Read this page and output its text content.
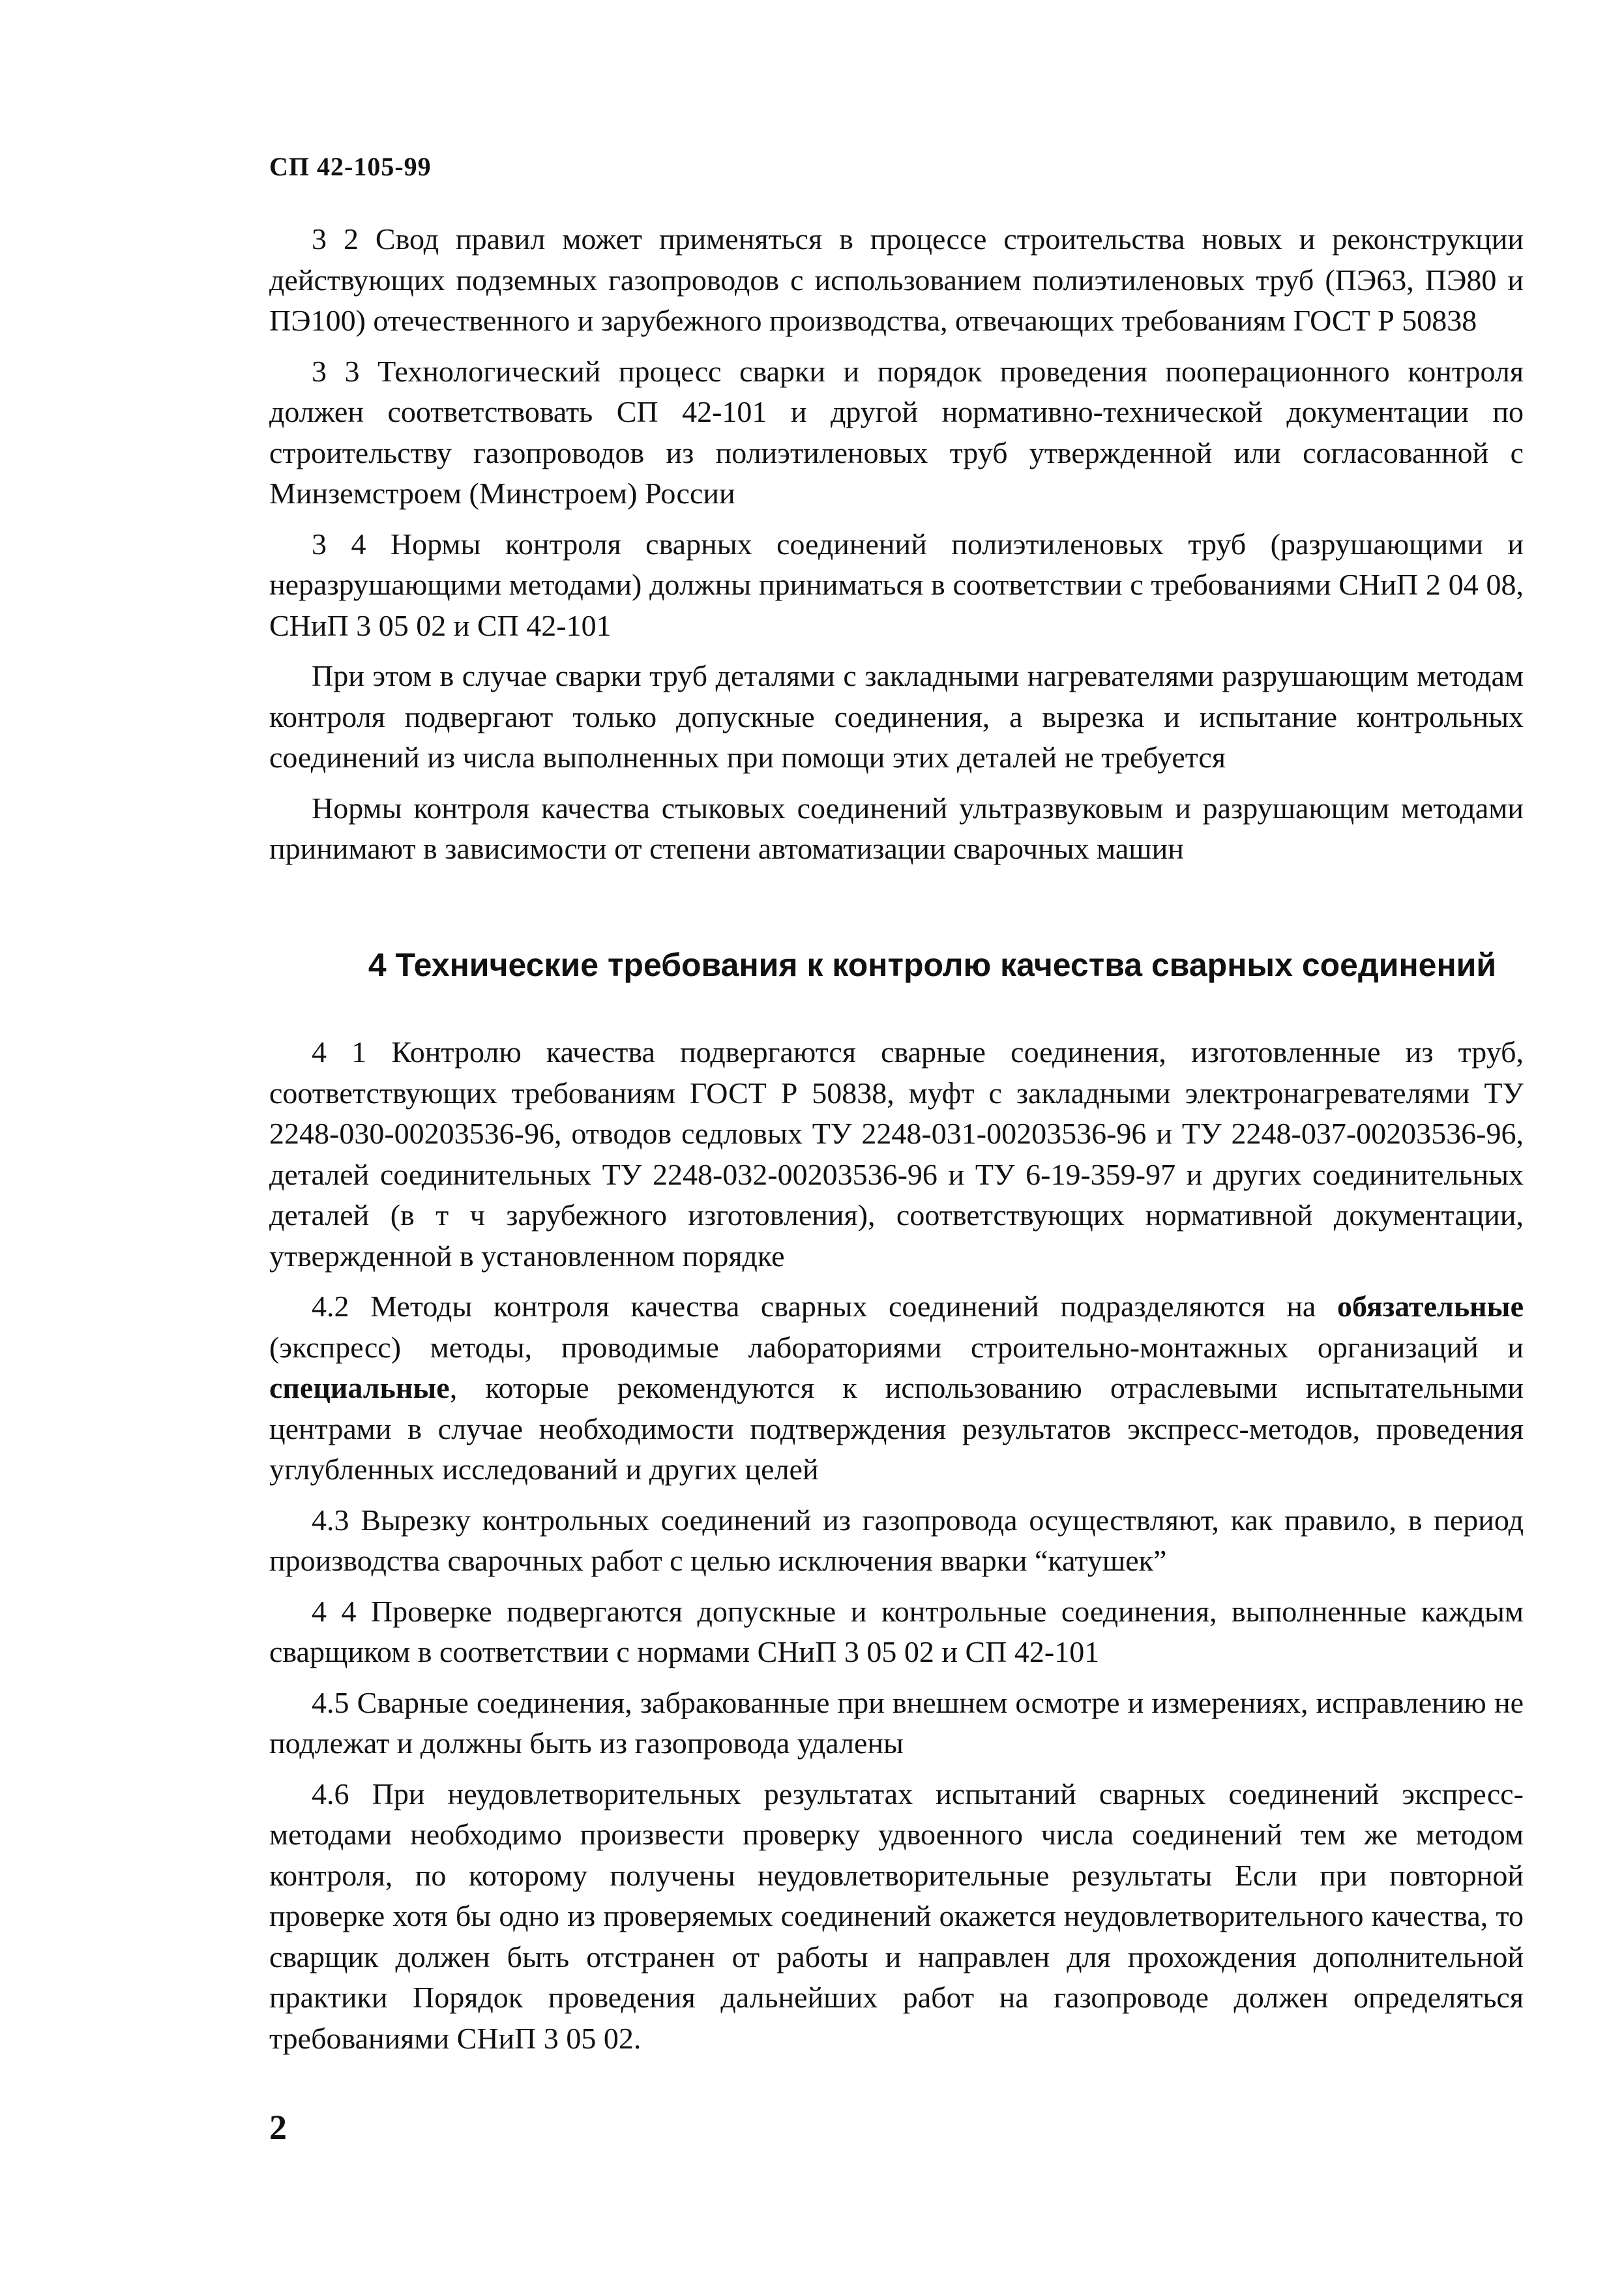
СП 42-105-99

3 2 Свод правил может применяться в процессе строительства новых и реконструкции действующих подземных газопроводов с использованием полиэтиленовых труб (ПЭ63, ПЭ80 и ПЭ100) отечественного и зарубежного производства, отвечающих требованиям ГОСТ Р 50838

3 3 Технологический процесс сварки и порядок проведения пооперационного контроля должен соответствовать СП 42-101 и другой нормативно-технической документации по строительству газопроводов из полиэтиленовых труб утвержденной или согласованной с Минземстроем (Минстроем) России

3 4 Нормы контроля сварных соединений полиэтиленовых труб (разрушающими и неразрушающими методами) должны приниматься в соответствии с требованиями СНиП 2 04 08, СНиП 3 05 02 и СП 42-101

При этом в случае сварки труб деталями с закладными нагревателями разрушающим методам контроля подвергают только допускные соединения, а вырезка и испытание контрольных соединений из числа выполненных при помощи этих деталей не требуется

Нормы контроля качества стыковых соединений ультразвуковым и разрушающим методами принимают в зависимости от степени автоматизации сварочных машин

4 Технические требования к контролю качества сварных соединений

4 1 Контролю качества подвергаются сварные соединения, изготовленные из труб, соответствующих требованиям ГОСТ Р 50838, муфт с закладными электронагревателями ТУ 2248-030-00203536-96, отводов седловых ТУ 2248-031-00203536-96 и ТУ 2248-037-00203536-96, деталей соединительных ТУ 2248-032-00203536-96 и ТУ 6-19-359-97 и других соединительных деталей (в т ч зарубежного изготовления), соответствующих нормативной документации, утвержденной в установленном порядке

4.2 Методы контроля качества сварных соединений подразделяются на обязательные (экспресс) методы, проводимые лабораториями строительно-монтажных организаций и специальные, которые рекомендуются к использованию отраслевыми испытательными центрами в случае необходимости подтверждения результатов экспресс-методов, проведения углубленных исследований и других целей

4.3 Вырезку контрольных соединений из газопровода осуществляют, как правило, в период производства сварочных работ с целью исключения вварки “катушек”

4 4 Проверке подвергаются допускные и контрольные соединения, выполненные каждым сварщиком в соответствии с нормами СНиП 3 05 02 и СП 42-101

4.5 Сварные соединения, забракованные при внешнем осмотре и измерениях, исправлению не подлежат и должны быть из газопровода удалены

4.6 При неудовлетворительных результатах испытаний сварных соединений экспресс-методами необходимо произвести проверку удвоенного числа соединений тем же методом контроля, по которому получены неудовлетворительные результаты Если при повторной проверке хотя бы одно из проверяемых соединений окажется неудовлетворительного качества, то сварщик должен быть отстранен от работы и направлен для прохождения дополнительной практики Порядок проведения дальнейших работ на газопроводе должен определяться требованиями СНиП 3 05 02.

2
